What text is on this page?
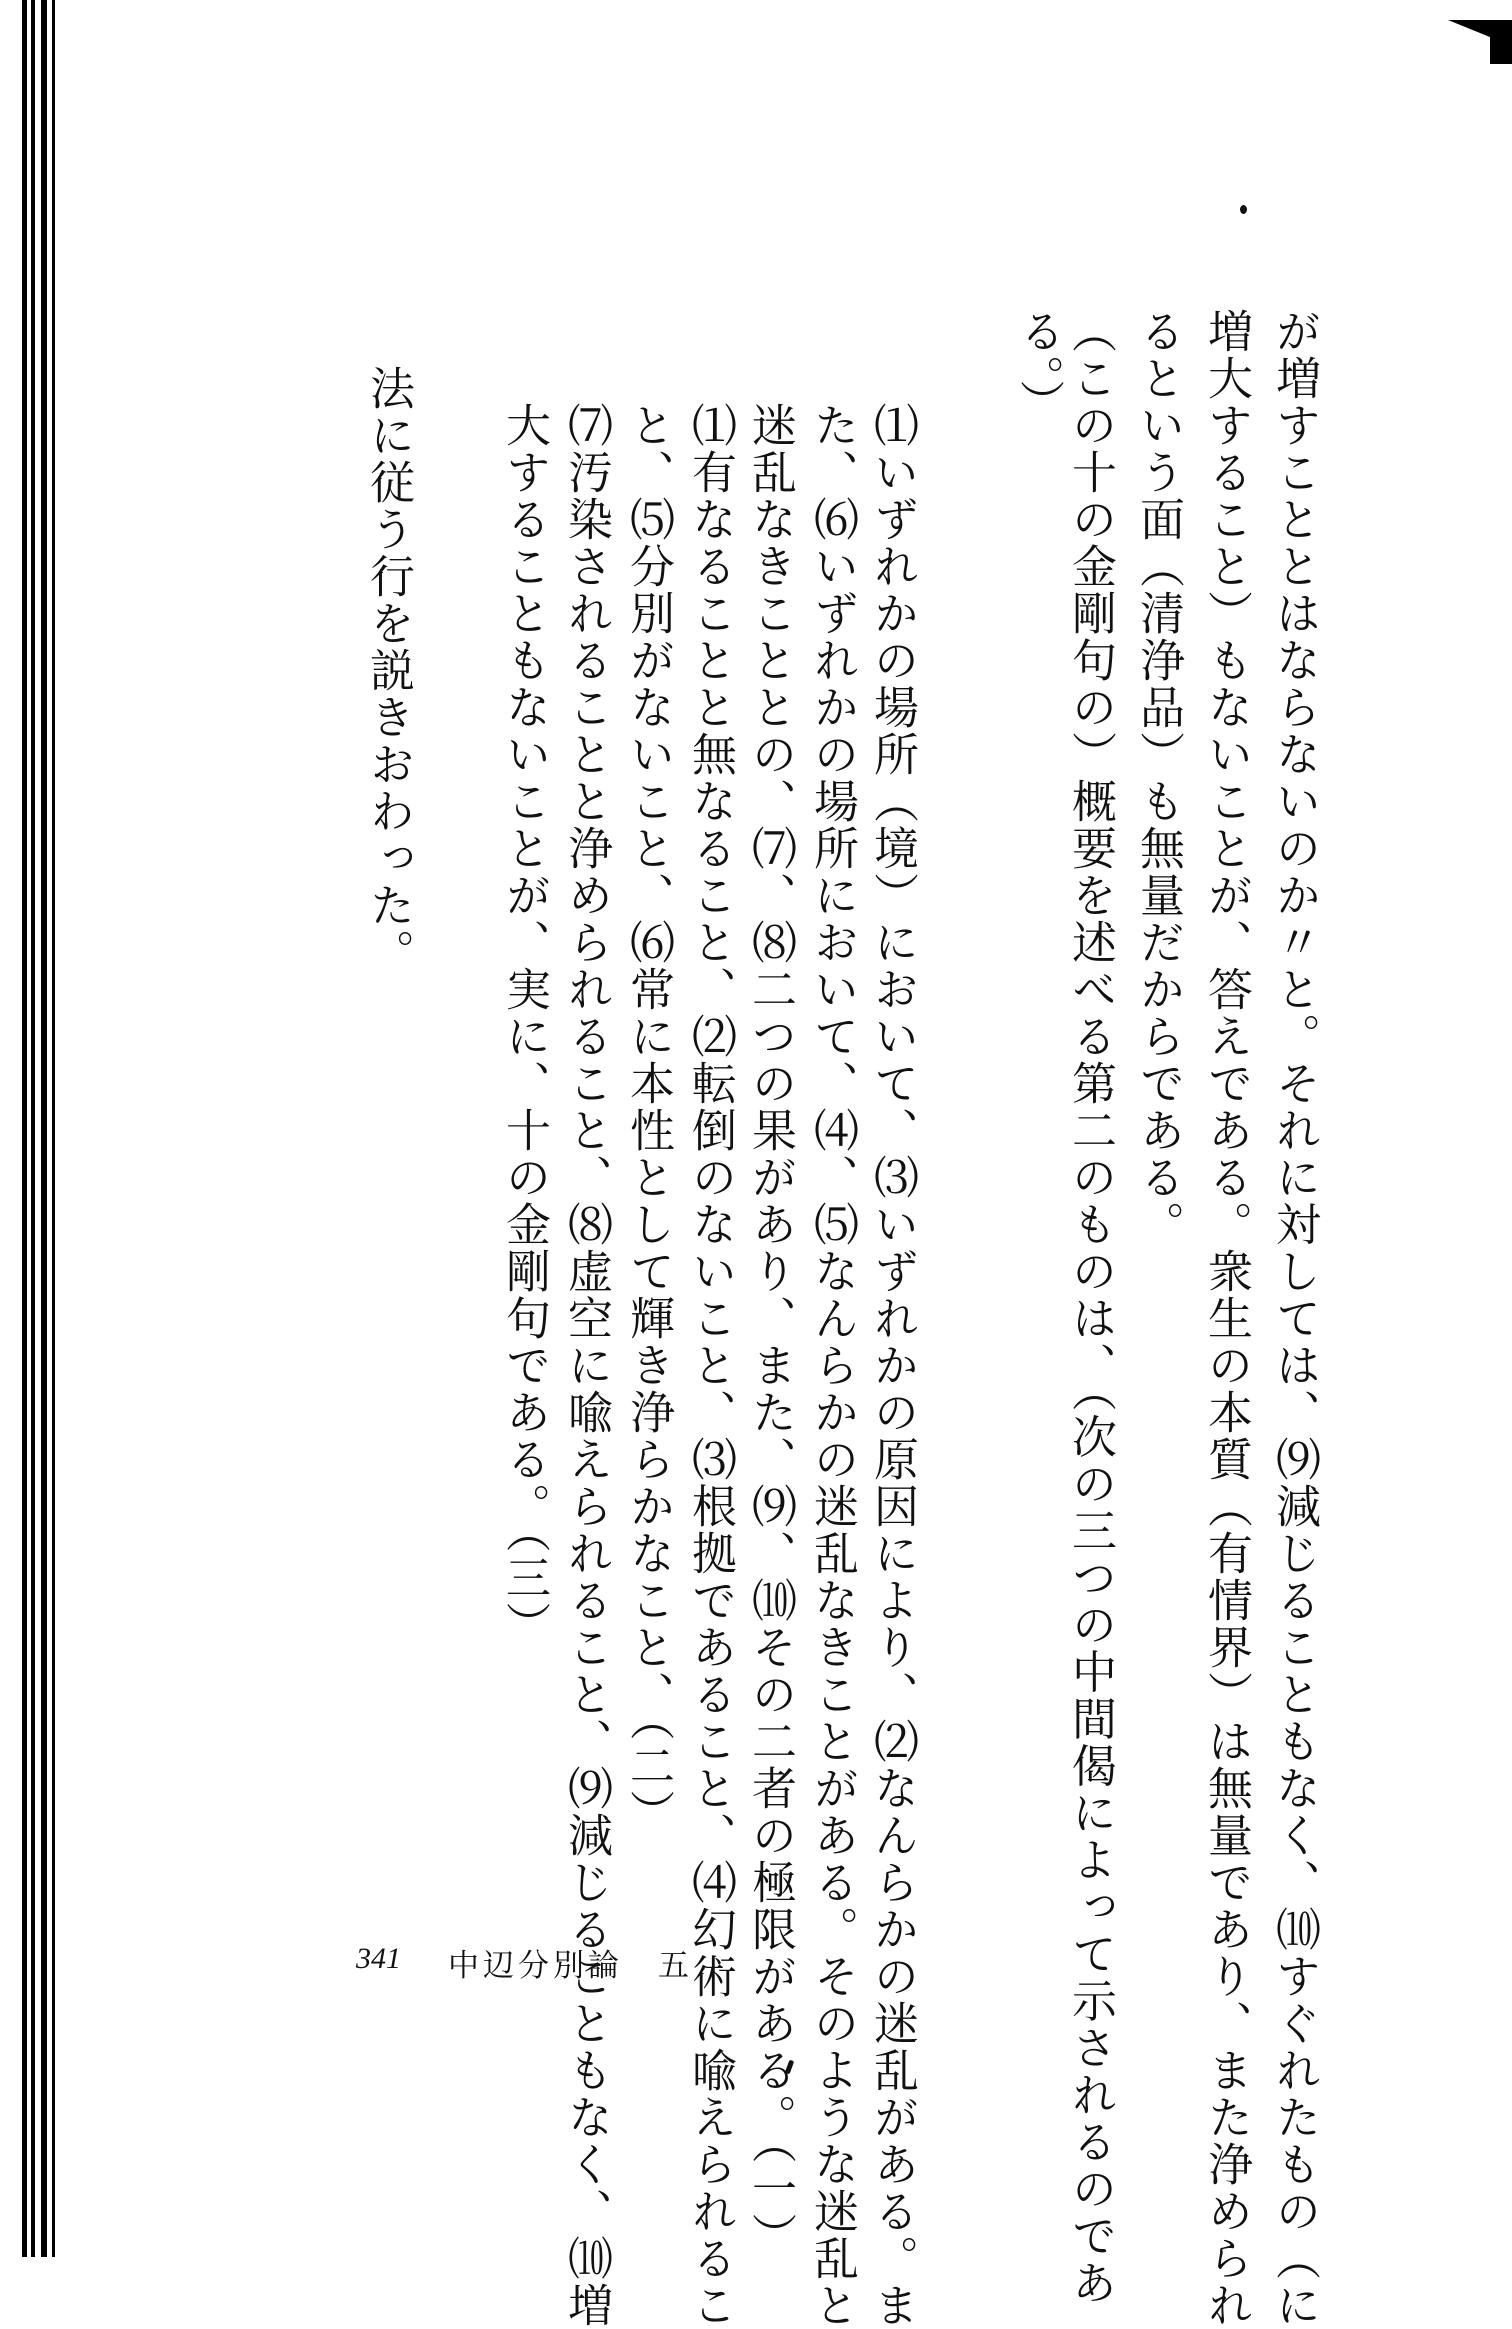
が増すこととはならないのか〃と。それに対しては、⑼減じることもなく、⑽すぐれたもの（に
増大すること）もないことが、答えである。衆生の本質（有情界）は無量であり、また浄められ
るという面（清浄品）も無量だからである。
（この十の金剛句の）概要を述べる第二のものは、（次の三つの中間偈によって示されるのであ
る。）
⑴いずれかの場所（境）において、⑶いずれかの原因により、⑵なんらかの迷乱がある。ま
た、⑹いずれかの場所において、⑷、⑸なんらかの迷乱なきことがある。そのような迷乱と
迷乱なきこととの、⑺、⑻二つの果があり、また、⑼、⑽その二者の極限がある。（一）
⑴有なることと無なること、⑵転倒のないこと、⑶根拠であること、⑷幻術に喩えられるこ
と、⑸分別がないこと、⑹常に本性として輝き浄らかなこと、（二）
⑺汚染されることと浄められること、⑻虚空に喩えられること、⑼減じることもなく、⑽増
大することもないことが、実に、十の金剛句である。（三）
法に従う行を説きおわった。
341 中辺分別論　五
